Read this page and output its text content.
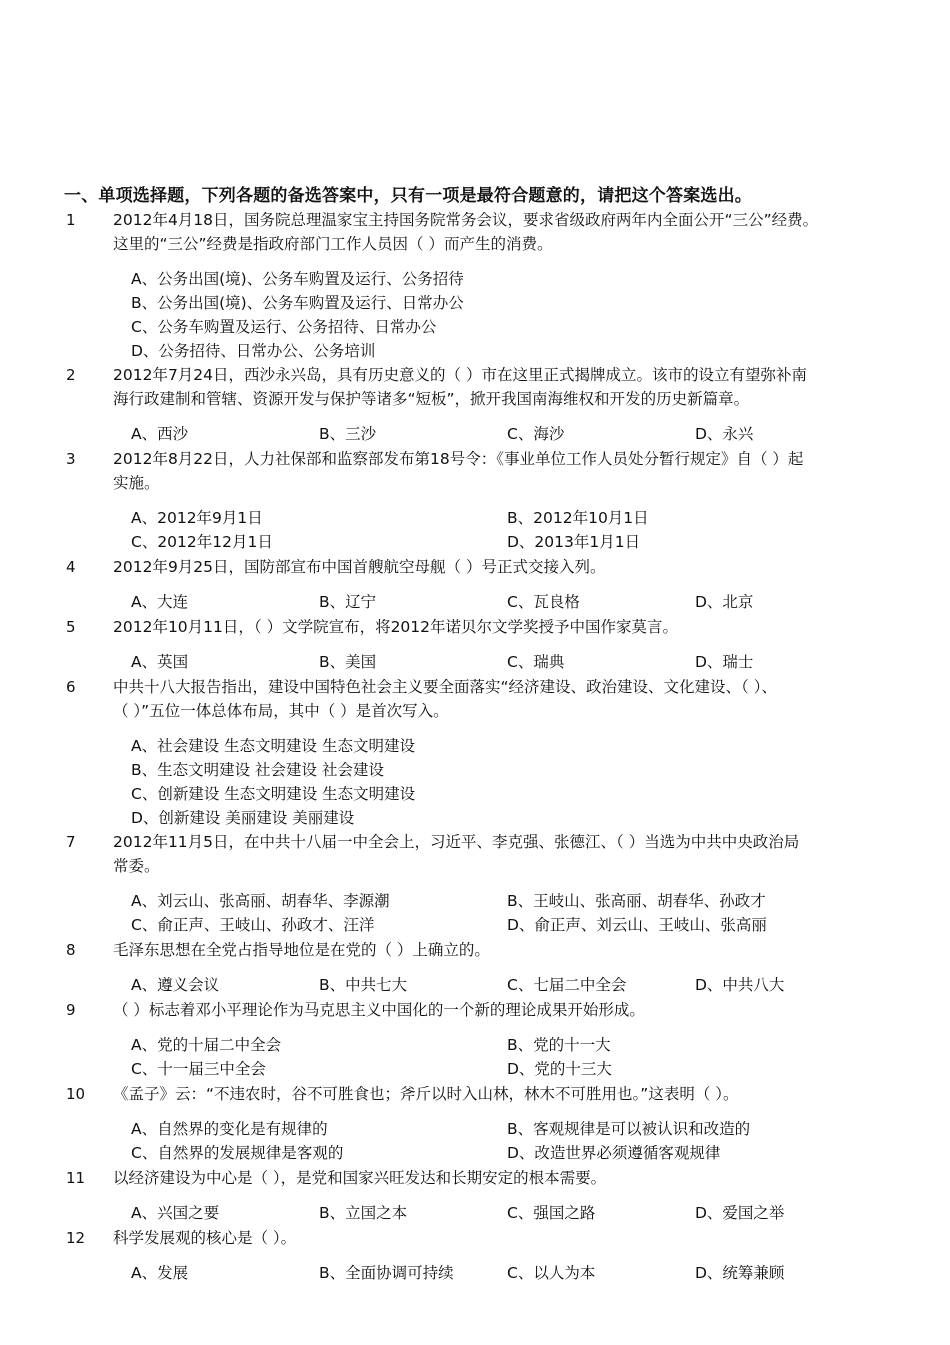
一、单项选择题，下列各题的备选答案中，只有一项是最符合题意的，请把这个答案选出。
1 2012年4月18日，国务院总理温家宝主持国务院常务会议，要求省级政府两年内全面公开“三公”经费。
这里的“三公”经费是指政府部门工作人员因（ ）而产生的消费。
A、公务出国(境)、公务车购置及运行、公务招待
B、公务出国(境)、公务车购置及运行、日常办公
C、公务车购置及运行、公务招待、日常办公
D、公务招待、日常办公、公务培训
2 2012年7月24日，西沙永兴岛，具有历史意义的（ ）市在这里正式揭牌成立。该市的设立有望弥补南
海行政建制和管辖、资源开发与保护等诸多“短板”，掀开我国南海维权和开发的历史新篇章。
A、西沙	B、三沙	C、海沙	D、永兴
3 2012年8月22日，人力社保部和监察部发布第18号令：《事业单位工作人员处分暂行规定》自（ ）起
实施。
A、2012年9月1日	B、2012年10月1日
C、2012年12月1日	D、2013年1月1日
4 2012年9月25日，国防部宣布中国首艘航空母舰（ ）号正式交接入列。
A、大连	B、辽宁	C、瓦良格	D、北京
5 2012年10月11日，（ ）文学院宣布，将2012年诺贝尔文学奖授予中国作家莫言。
A、英国	B、美国	C、瑞典	D、瑞士
6 中共十八大报告指出，建设中国特色社会主义要全面落实“经济建设、政治建设、文化建设、（ ）、
（ ）”五位一体总体布局，其中（ ）是首次写入。
A、社会建设 生态文明建设 生态文明建设
B、生态文明建设 社会建设 社会建设
C、创新建设 生态文明建设 生态文明建设
D、创新建设 美丽建设 美丽建设
7 2012年11月5日，在中共十八届一中全会上，习近平、李克强、张德江、（ ）当选为中共中央政治局
常委。
A、刘云山、张高丽、胡春华、李源潮	B、王岐山、张高丽、胡春华、孙政才
C、俞正声、王岐山、孙政才、汪洋	D、俞正声、刘云山、王岐山、张高丽
8 毛泽东思想在全党占指导地位是在党的（ ）上确立的。
A、遵义会议	B、中共七大	C、七届二中全会	D、中共八大
9 （ ）标志着邓小平理论作为马克思主义中国化的一个新的理论成果开始形成。
A、党的十届二中全会	B、党的十一大
C、十一届三中全会	D、党的十三大
10 《孟子》云：“不违农时，谷不可胜食也；斧斤以时入山林，林木不可胜用也。”这表明（ ）。
A、自然界的变化是有规律的	B、客观规律是可以被认识和改造的
C、自然界的发展规律是客观的	D、改造世界必须遵循客观规律
11 以经济建设为中心是（ ），是党和国家兴旺发达和长期安定的根本需要。
A、兴国之要	B、立国之本	C、强国之路	D、爱国之举
12 科学发展观的核心是（ ）。
A、发展	B、全面协调可持续	C、以人为本	D、统筹兼顾
